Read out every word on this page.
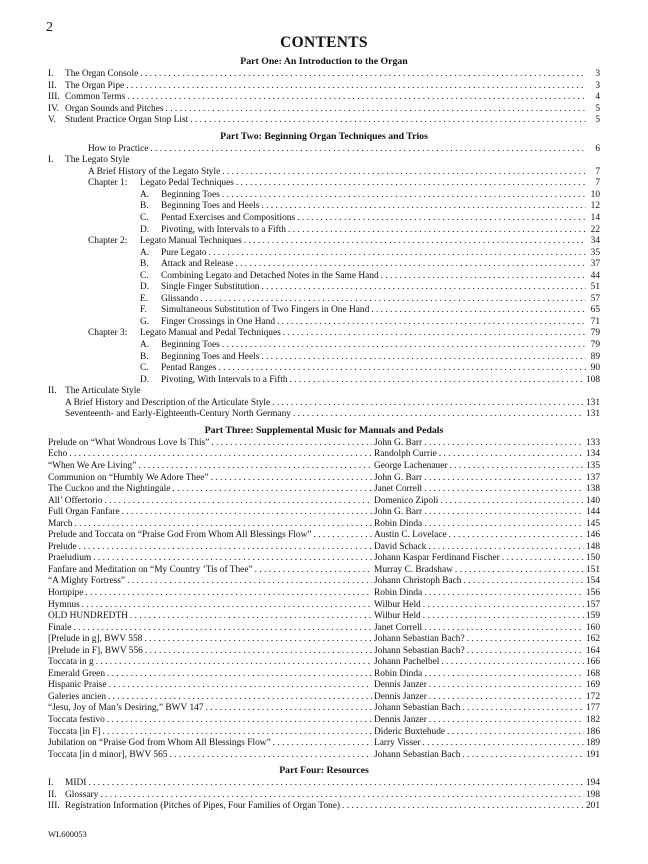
2
CONTENTS
Part One: An Introduction to the Organ
I.	The Organ Console . . .	3
II. The Organ Pipe . . .	3
III. Common Terms . . .	4
IV. Organ Sounds and Pitches . . .	5
V. Student Practice Organ Stop List . . .	5
Part Two: Beginning Organ Techniques and Trios
How to Practice . . .	6
I.	The Legato Style
A Brief History of the Legato Style . . .	7
Chapter 1:	Legato Pedal Techniques . . .	7
A.	Beginning Toes . . .	10
B.	Beginning Toes and Heels . . .	12
C.	Pentad Exercises and Compositions . . .	14
D.	Pivoting, with Intervals to a Fifth . . .	22
Chapter 2:	Legato Manual Techniques . . .	34
A.	Pure Legato . . .	35
B.	Attack and Release . . .	37
C.	Combining Legato and Detached Notes in the Same Hand . . .	44
D.	Single Finger Substitution . . .	51
E.	Glissando . . .	57
F.	Simultaneous Substitution of Two Fingers in One Hand . . .	65
G.	Finger Crossings in One Hand . . .	71
Chapter 3:	Legato Manual and Pedal Techniques . . .	79
A.	Beginning Toes . . .	79
B.	Beginning Toes and Heels . . .	89
C.	Pentad Ranges . . .	90
D.	Pivoting, With Intervals to a Fifth . . .	108
II. The Articulate Style
A Brief History and Description of the Articulate Style . . .	131
Seventeenth- and Early-Eighteenth-Century North Germany . . .	131
Part Three: Supplemental Music for Manuals and Pedals
Prelude on “What Wondrous Love Is This” . . .	John G. Barr . . .	133
Echo . . .	Randolph Currie . . .	134
“When We Are Living” . . .	George Lachenauer . . .	135
Communion on “Humbly We Adore Thee” . . .	John G. Barr . . .	137
The Cuckoo and the Nightingale . . .	Janet Correll . . .	138
All’ Offertorio . . .	Domenico Zipoli . . .	140
Full Organ Fanfare . . .	John G. Barr . . .	144
March . . .	Robin Dinda . . .	145
Prelude and Toccata on “Praise God From Whom All Blessings Flow” . . .	Austin C. Lovelace . . .	146
Prelude . . .	David Schack . . .	148
Praeludium . . .	Johann Kaspar Ferdinand Fischer . . .	150
Fanfare and Meditation on “My Country ’Tis of Thee” . . .	Murray C. Bradshaw . . .	151
“A Mighty Fortress” . . .	Johann Christoph Bach . . .	154
Hornpipe . . .	Robin Dinda . . .	156
Hymnus . . .	Wilbur Held . . .	157
OLD HUNDREDTH . . .	Wilbur Held . . .	159
Finale . . .	Janet Correll . . .	160
[Prelude in g], BWV 558 . . .	Johann Sebastian Bach? . . .	162
[Prelude in F], BWV 556 . . .	Johann Sebastian Bach? . . .	164
Toccata in g . . .	Johann Pachelbel . . .	166
Emerald Green . . .	Robin Dinda . . .	168
Hispanic Praise . . .	Dennis Janzer . . .	169
Galeries ancien . . .	Dennis Janzer . . .	172
“Jesu, Joy of Man’s Desiring,” BWV 147 . . .	Johann Sebastian Bach . . .	177
Toccata festivo . . .	Dennis Janzer . . .	182
Toccata [in F] . . .	Dideric Buxtehude . . .	186
Jubilation on “Praise God from Whom All Blessings Flow” . . .	Larry Visser . . .	189
Toccata [in d minor], BWV 565 . . .	Johann Sebastian Bach . . .	191
Part Four: Resources
I.	MIDI . . .	194
II. Glossary . . .	198
III. Registration Information (Pitches of Pipes, Four Families of Organ Tone) . . .	201
WL600053
